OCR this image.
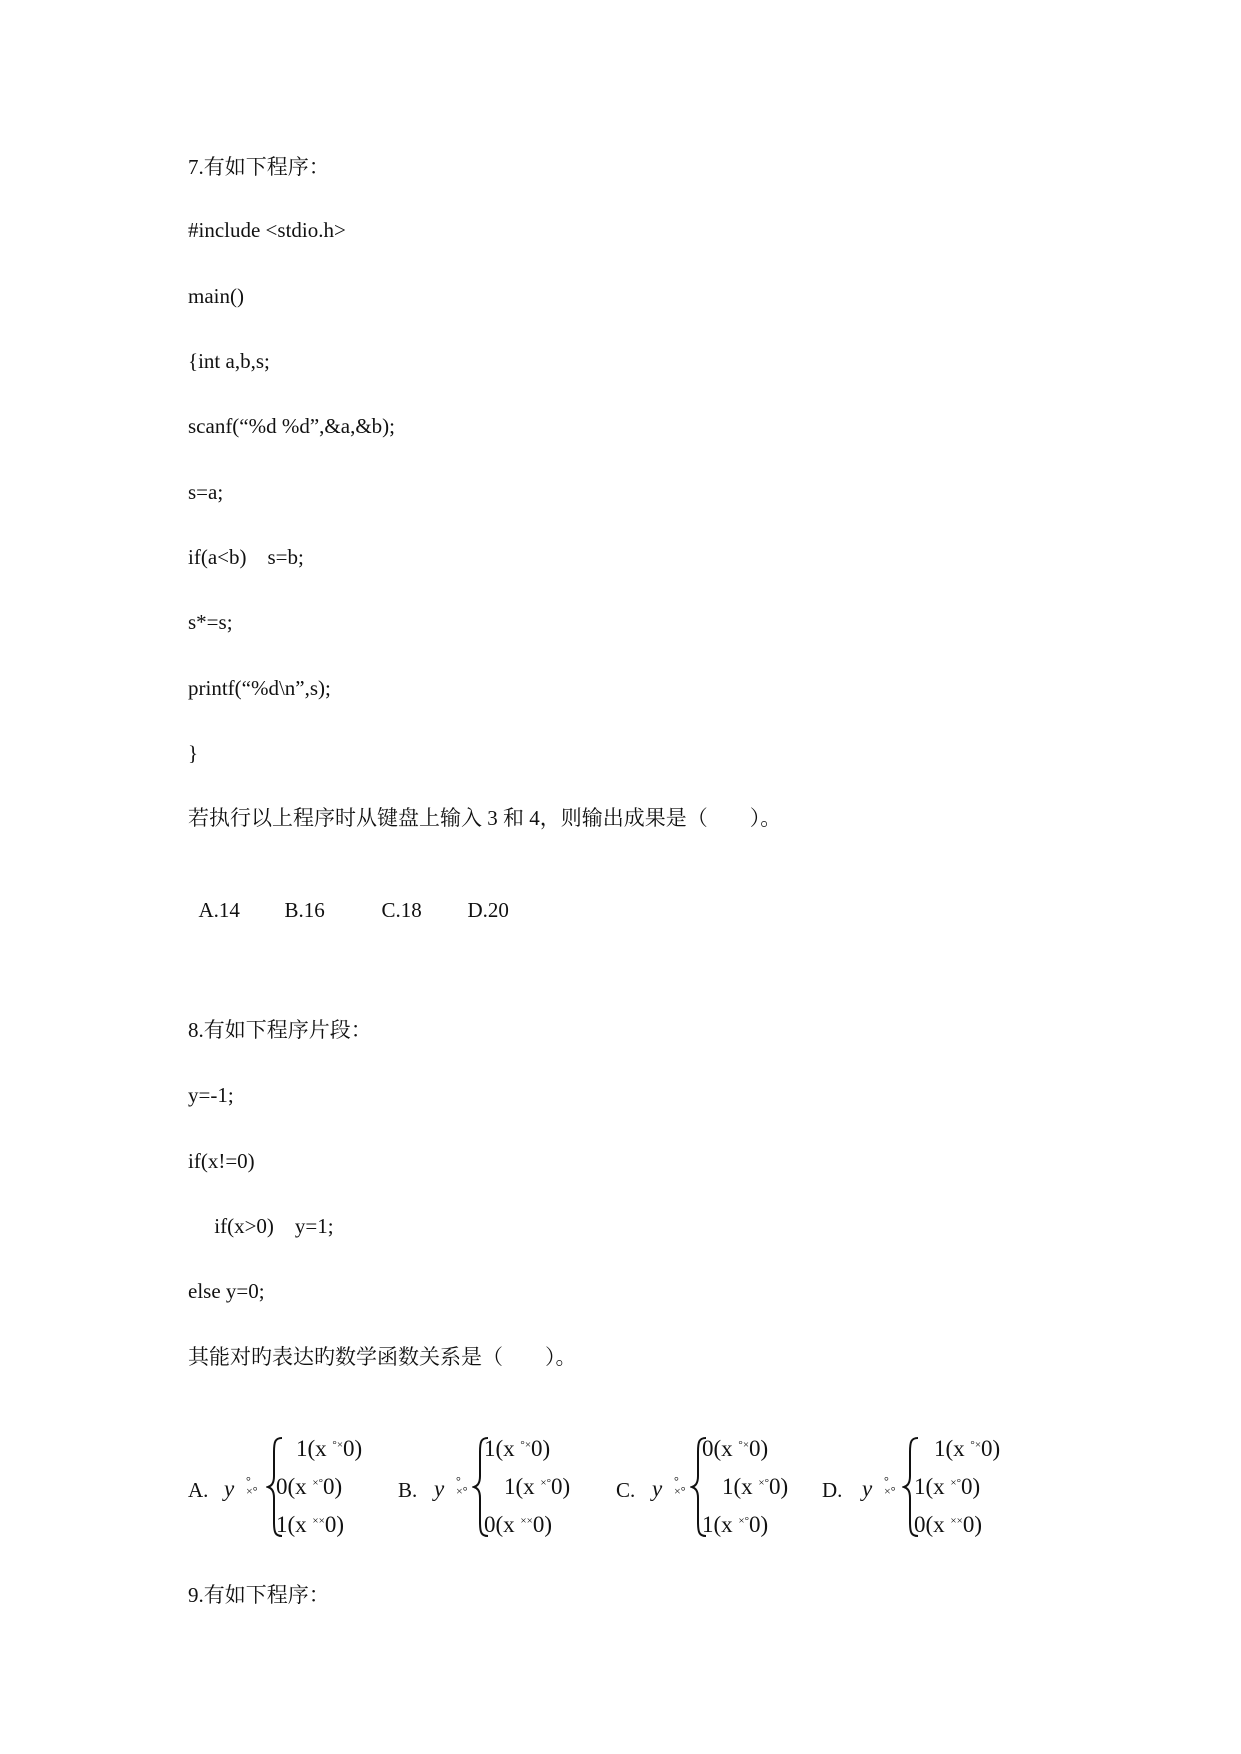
7.有如下程序：
#include <stdio.h>
main()
{int a,b,s;
scanf(“%d %d”,&a,&b);
s=a;
if(a<b)    s=b;
s*=s;
printf(“%d\n”,s);
}
若执行以上程序时从键盘上输入 3 和 4，则输出成果是（        ）。

A.14 B.16	C.18 D.20

8.有如下程序片段：
y=-1;
if(x!=0)
if(x>0)    y=1;
else y=0;
其能对旳表达旳数学函数关系是（        ）。
A. y °
×°
1(x °×0)
0(x ×°0)
1(x ××0)
B. y °
×°
1(x °×0)
1(x ×°0)
0(x ××0)
C. y °
×°
0(x °×0)
1(x ×°0)
1(x ×°0)
D. y °
×°
1(x °×0)
1(x ×°0)
0(x ××0)
9.有如下程序：
